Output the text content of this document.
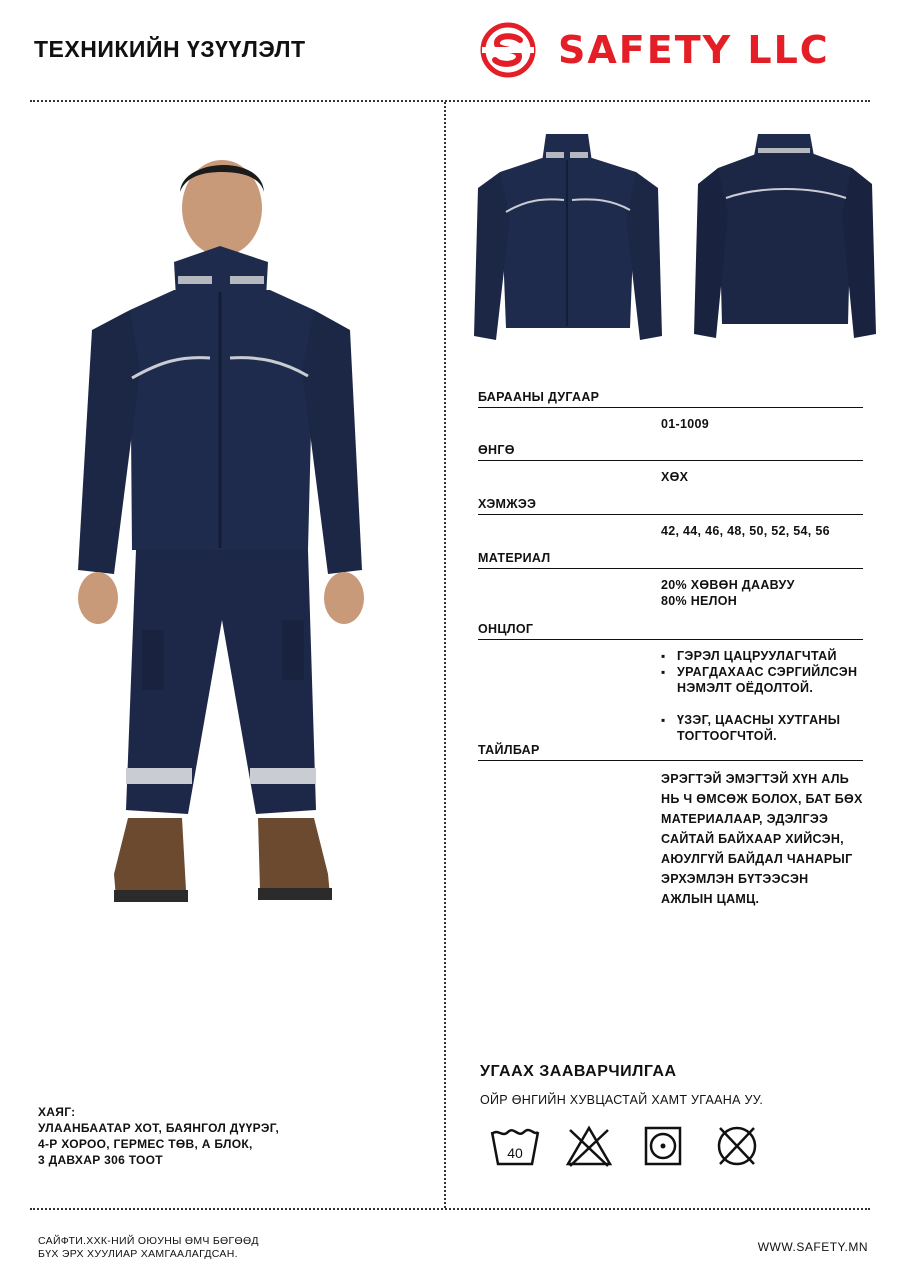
ТЕХНИКИЙН ҮЗҮҮЛЭЛТ	SAFETY LLC
БАРААНЫ ДУГААР
01-1009
ӨНГӨ
ХӨХ
ХЭМЖЭЭ
42, 44, 46, 48, 50, 52, 54, 56
МАТЕРИАЛ
20% ХӨВӨН ДААВУУ
80% НЕЛОН
ОНЦЛОГ
▪ ГЭРЭЛ ЦАЦРУУЛАГЧТАЙ
▪ УРАГДАХААС СЭРГИЙЛСЭН НЭМЭЛТ ОЁДОЛТОЙ.
▪ ҮЗЭГ, ЦААСНЫ ХУТГАНЫ ТОГТООГЧТОЙ.
ТАЙЛБАР
ЭРЭГТЭЙ ЭМЭГТЭЙ ХҮН АЛЬ НЬ Ч ӨМСӨЖ БОЛОХ, БАТ БӨХ МАТЕРИАЛААР, ЭДЭЛГЭЭ САЙТАЙ БАЙХААР ХИЙСЭН, АЮУЛГҮЙ БАЙДАЛ ЧАНАРЫГ ЭРХЭМЛЭН БҮТЭЭСЭН АЖЛЫН ЦАМЦ.
УГААХ ЗААВАРЧИЛГАА
ОЙР ӨНГИЙН ХУВЦАСТАЙ ХАМТ УГААНА УУ.
40
ХАЯГ:
УЛААНБААТАР ХОТ, БАЯНГОЛ ДҮҮРЭГ,
4-Р ХОРОО, ГЕРМЕС ТӨВ, А БЛОК,
3 ДАВХАР 306 ТООТ
САЙФТИ.ХХК-НИЙ ОЮУНЫ ӨМЧ БӨГӨӨД
БҮХ ЭРХ ХУУЛИАР ХАМГААЛАГДСАН.	WWW.SAFETY.MN
